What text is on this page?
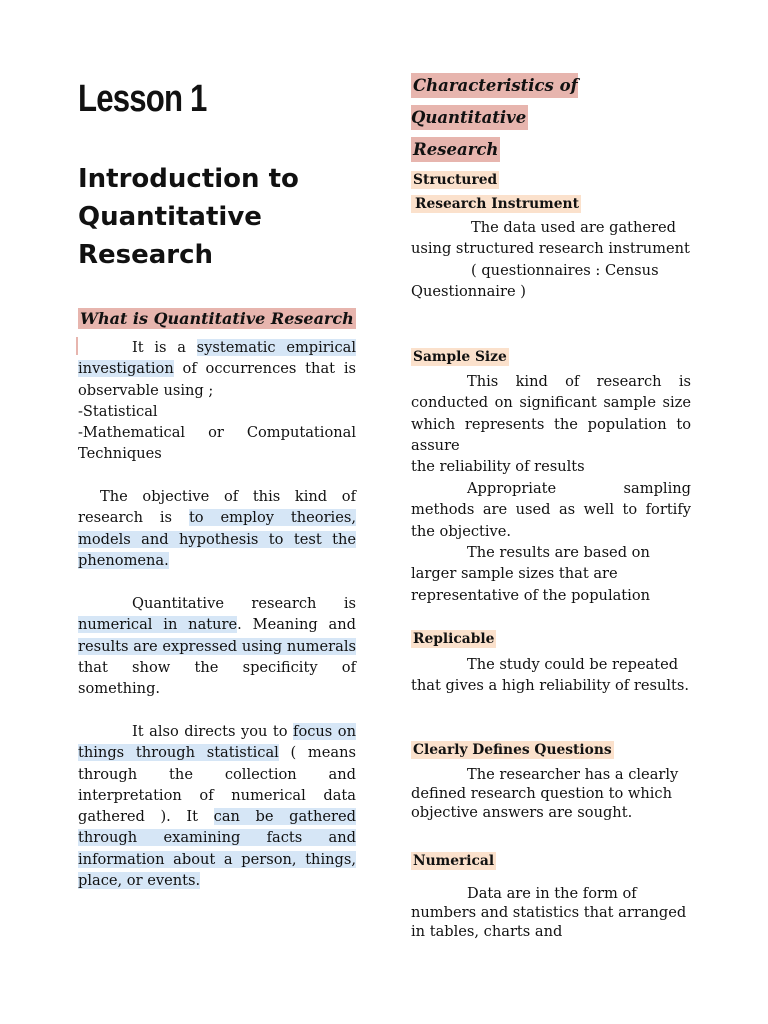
Lesson 1
Introduction to
Quantitative
Research
What is Quantitative Research

It is a systematic empirical investigation of occurrences that is observable using ;
-Statistical
-Mathematical or Computational Techniques

The objective of this kind of research is to employ theories, models and hypothesis to test the phenomena.

Quantitative research is numerical in nature. Meaning and results are expressed using numerals that show the specificity of something.

It also directs you to focus on things through statistical ( means through the collection and interpretation of numerical data gathered ). It can be gathered through examining facts and information about a person, things, place, or events.

Characteristics of Quantitative
Research
Structured
Research Instrument

The data used are gathered using structured research instrument
( questionnaires : Census Questionnaire )

Sample Size

This kind of research is conducted on significant sample size which represents the population to assure

the reliability of results

Appropriate sampling methods are used as well to fortify the objective.

The results are based on larger sample sizes that are representative of the population

Replicable

The study could be repeated that gives a high reliability of results.

Clearly Defines Questions

The researcher has a clearly defined research question to which objective answers are sought.

Numerical

Data are in the form of numbers and statistics that arranged in tables, charts and
